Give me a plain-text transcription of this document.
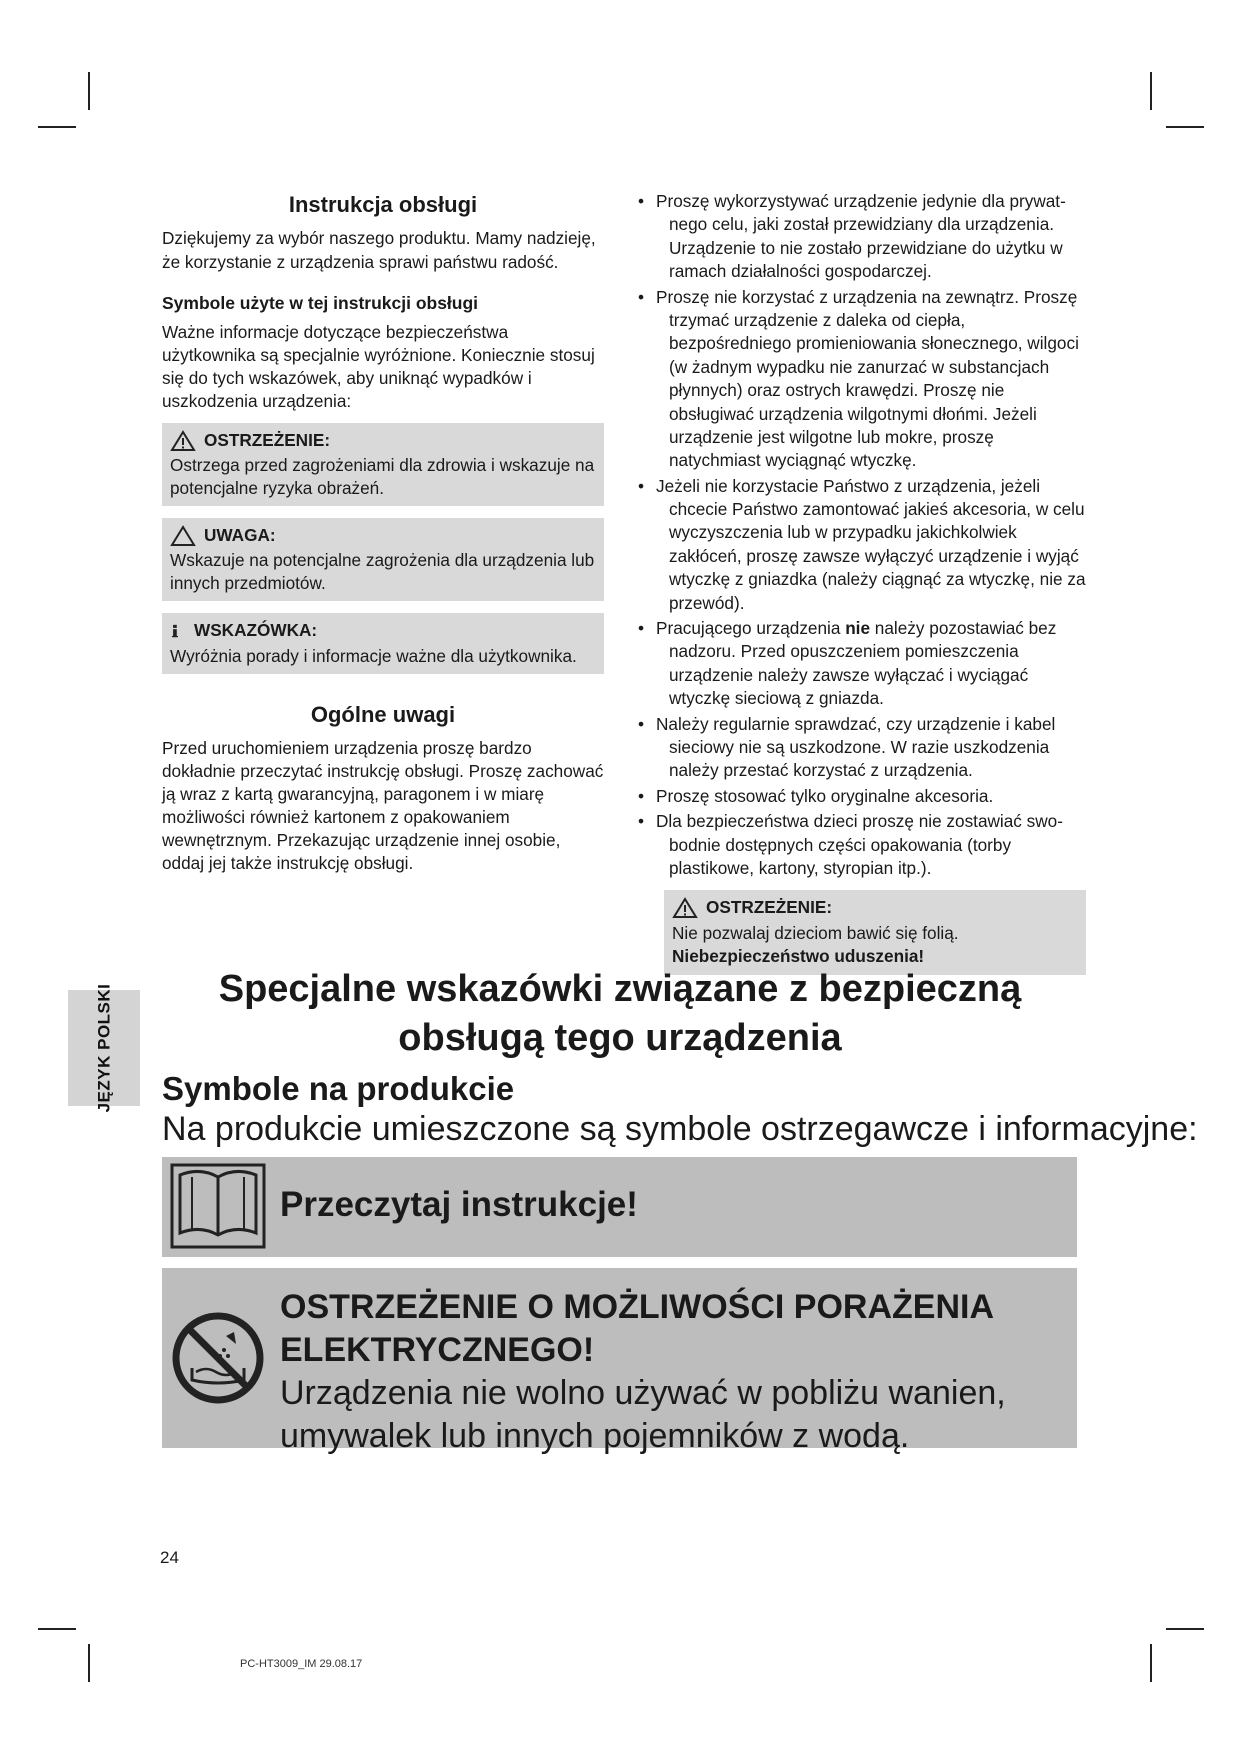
Instrukcja obsługi

Dziękujemy za wybór naszego produktu. Mamy nadzieję, że korzystanie z urządzenia sprawi państwu radość.

Symbole użyte w tej instrukcji obsługi

Ważne informacje dotyczące bezpieczeństwa użytkownika są specjalnie wyróżnione. Koniecznie stosuj się do tych wskazówek, aby uniknąć wypadków i uszkodzenia urządzenia:

OSTRZEŻENIE:
Ostrzega przed zagrożeniami dla zdrowia i wskazuje na potencjalne ryzyka obrażeń.
UWAGA:
Wskazuje na potencjalne zagrożenia dla urządzenia lub innych przedmiotów.
WSKAZÓWKA:
Wyróżnia porady i informacje ważne dla użytkownika.
Ogólne uwagi

Przed uruchomieniem urządzenia proszę bardzo dokładnie przeczytać instrukcję obsługi. Proszę zachować ją wraz z kartą gwarancyjną, paragonem i w miarę możliwości również kartonem z opakowaniem wewnętrznym. Przekazując urządzenie innej osobie, oddaj jej także instrukcję obsługi.

• Proszę wykorzystywać urządzenie jedynie dla prywat-
nego celu, jaki został przewidziany dla urządzenia. Urządzenie to nie zostało przewidziane do użytku w ramach działalności gospodarczej.
• Proszę nie korzystać z urządzenia na zewnątrz. Proszę
trzymać urządzenie z daleka od ciepła, bezpośredniego promieniowania słonecznego, wilgoci (w żadnym wypadku nie zanurzać w substancjach płynnych) oraz ostrych krawędzi. Proszę nie obsługiwać urządzenia wilgotnymi dłońmi. Jeżeli urządzenie jest wilgotne lub mokre, proszę natychmiast wyciągnąć wtyczkę.
• Jeżeli nie korzystacie Państwo z urządzenia, jeżeli
chcecie Państwo zamontować jakieś akcesoria, w celu wyczyszczenia lub w przypadku jakichkolwiek zakłóceń, proszę zawsze wyłączyć urządzenie i wyjąć wtyczkę z gniazdka (należy ciągnąć za wtyczkę, nie za przewód).
• Pracującego urządzenia nie należy pozostawiać bez
nadzoru. Przed opuszczeniem pomieszczenia urządzenie należy zawsze wyłączać i wyciągać wtyczkę sieciową z gniazda.
• Należy regularnie sprawdzać, czy urządzenie i kabel
sieciowy nie są uszkodzone. W razie uszkodzenia należy przestać korzystać z urządzenia.
• Proszę stosować tylko oryginalne akcesoria.
• Dla bezpieczeństwa dzieci proszę nie zostawiać swo-
bodnie dostępnych części opakowania (torby plastikowe, kartony, styropian itp.).
OSTRZEŻENIE:
Nie pozwalaj dzieciom bawić się folią. Niebezpieczeństwo uduszenia!
JĘZYK POLSKI	Specjalne wskazówki związane z bezpieczną
obsługą tego urządzenia
Symbole na produkcie

Na produkcie umieszczone są symbole ostrzegawcze i informacyjne:

Przeczytaj instrukcje!
OSTRZEŻENIE O MOŻLIWOŚCI PORAŻENIA ELEKTRYCZNEGO!
Urządzenia nie wolno używać w pobliżu wanien, umywalek lub innych pojemników z wodą.
24
PC-HT3009_IM 29.08.17
